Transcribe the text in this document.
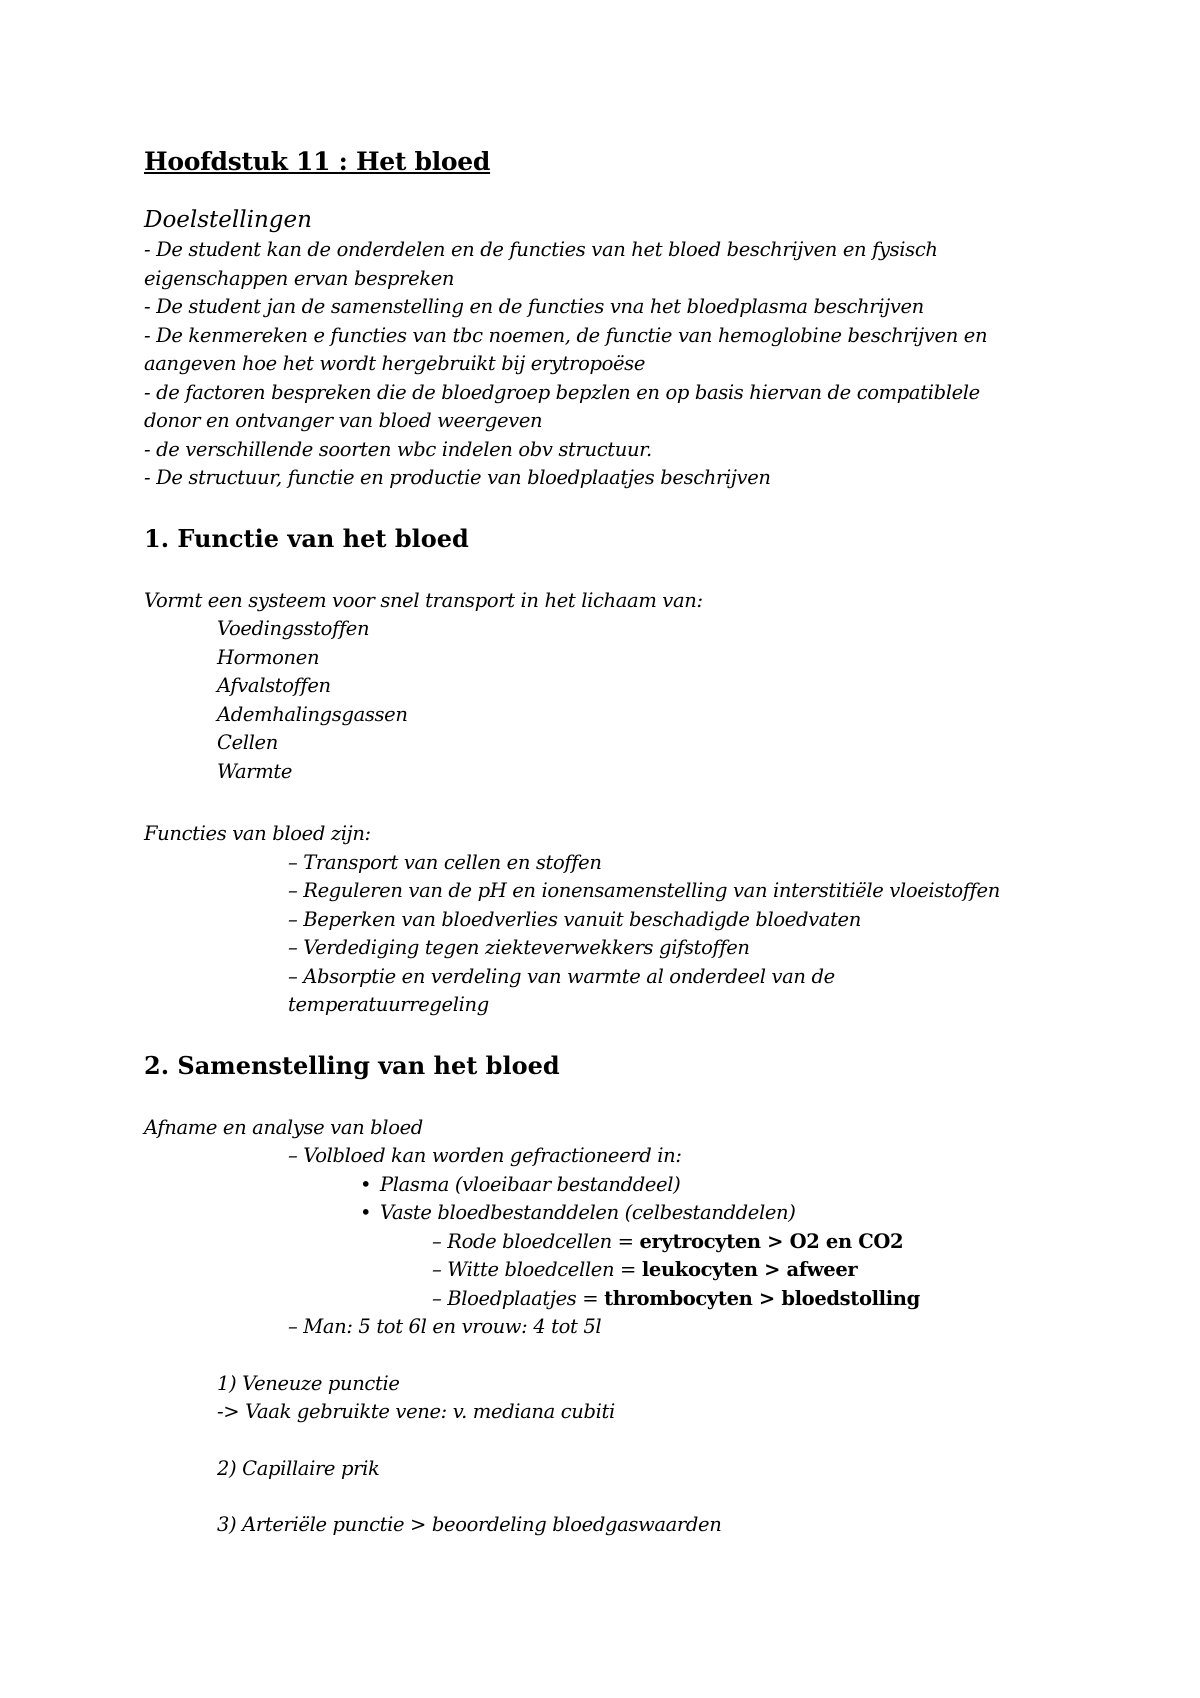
Hoofdstuk 11 : Het bloed
Doelstellingen
- De student kan de onderdelen en de functies van het bloed beschrijven en fysisch
eigenschappen ervan bespreken
- De student jan de samenstelling en de functies vna het bloedplasma beschrijven
- De kenmereken e functies van tbc noemen, de functie van hemoglobine beschrijven en
aangeven hoe het wordt hergebruikt bij erytropoëse
- de factoren bespreken die de bloedgroep bepzlen en op basis hiervan de compatiblele
donor en ontvanger van bloed weergeven
- de verschillende soorten wbc indelen obv structuur.
- De structuur, functie en productie van bloedplaatjes beschrijven
1. Functie van het bloed
Vormt een systeem voor snel transport in het lichaam van:
Voedingsstoffen
Hormonen
Afvalstoffen
Ademhalingsgassen
Cellen
Warmte
Functies van bloed zijn:
– Transport van cellen en stoffen
– Reguleren van de pH en ionensamenstelling van interstitiële vloeistoffen
– Beperken van bloedverlies vanuit beschadigde bloedvaten
– Verdediging tegen ziekteverwekkers gifstoffen
– Absorptie en verdeling van warmte al onderdeel van de
temperatuurregeling
2. Samenstelling van het bloed
Afname en analyse van bloed
– Volbloed kan worden gefractioneerd in:
• Plasma (vloeibaar bestanddeel)
• Vaste bloedbestanddelen (celbestanddelen)
– Rode bloedcellen = erytrocyten > O2 en CO2
– Witte bloedcellen = leukocyten > afweer
– Bloedplaatjes = thrombocyten > bloedstolling
– Man: 5 tot 6l en vrouw: 4 tot 5l
1) Veneuze punctie
-> Vaak gebruikte vene: v. mediana cubiti
2) Capillaire prik
3) Arteriële punctie > beoordeling bloedgaswaarden
